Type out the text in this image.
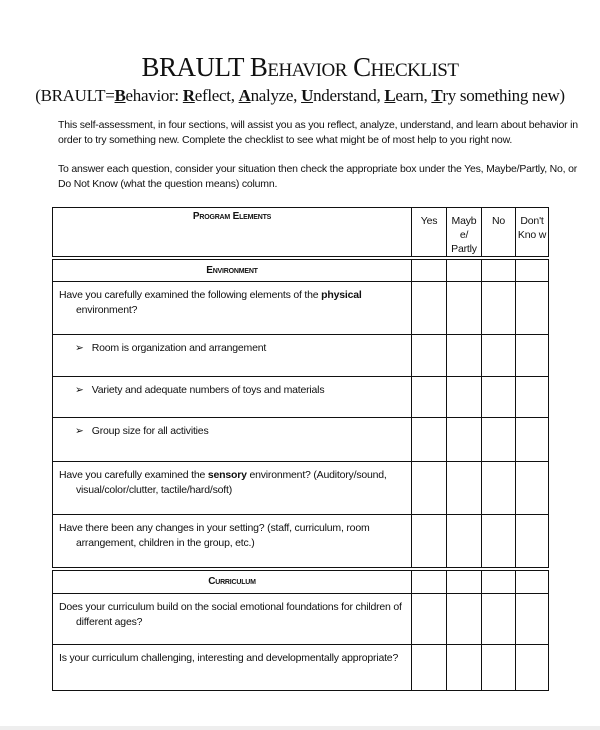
BRAULT Behavior Checklist
(BRAULT=Behavior: Reflect, Analyze, Understand, Learn, Try something new)
This self-assessment, in four sections, will assist you as you reflect, analyze, understand, and learn about behavior in order to try something new. Complete the checklist to see what might be of most help to you right now.
To answer each question, consider your situation then check the appropriate box under the Yes, Maybe/Partly, No, or Do Not Know (what the question means) column.
Program Elements	Yes	Mayb e/ Partly	No	Don't Kno w
Environment				
Have you carefully examined the following elements of the physical
environment?				

➢   Room is organization and arrangement				
➢   Variety and adequate numbers of toys and materials				
➢   Group size for all activities				
Have you carefully examined the sensory environment? (Auditory/sound,
visual/color/clutter, tactile/hard/soft)				

Have there been any changes in your setting? (staff, curriculum, room
arrangement, children in the group, etc.)				

Curriculum				
Does your curriculum build on the social emotional foundations for children of
different ages?				

Is your curriculum challenging, interesting and developmentally appropriate?				
